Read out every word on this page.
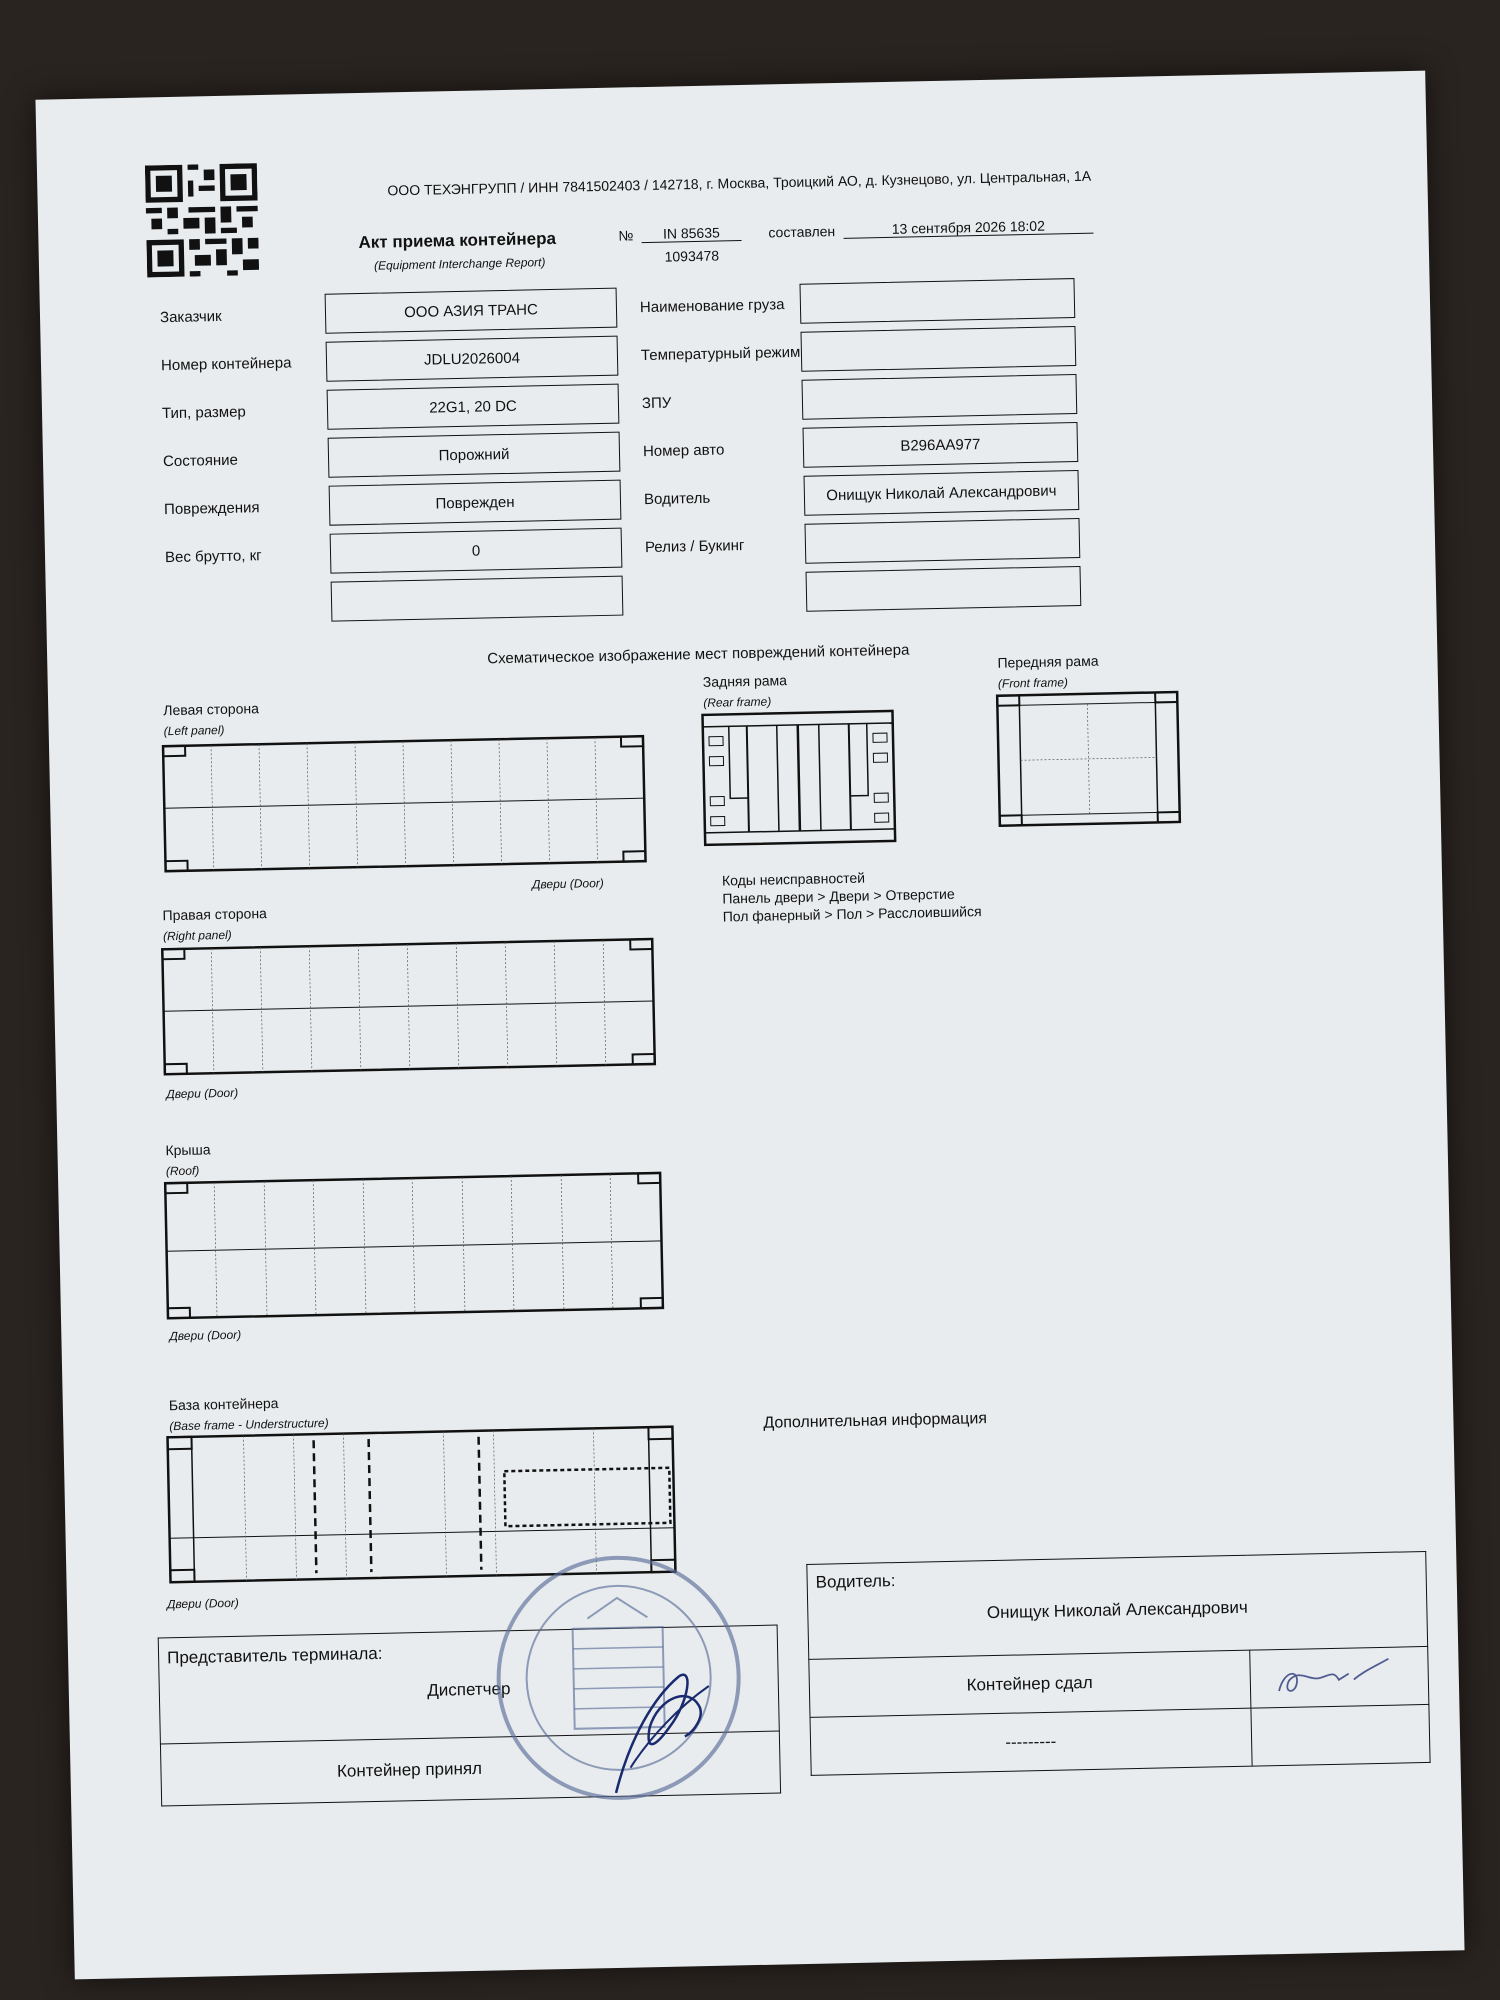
ООО ТЕХЭНГРУПП / ИНН 7841502403 / 142718, г. Москва, Троицкий АО, д. Кузнецово, ул. Центральная, 1А
Акт приема контейнера
(Equipment Interchange Report)
№	IN 85635
1093478
составлен	13 сентября 2026 18:02
Заказчик	ООО АЗИЯ ТРАНС
Номер контейнера	JDLU2026004
Тип, размер	22G1, 20 DC
Состояние	Порожний
Повреждения	Поврежден
Вес брутто, кг	0
Наименование груза
Температурный режим
ЗПУ
Номер авто	В296АА977
Водитель	Онищук Николай Александрович
Релиз / Букинг
Схематическое изображение мест повреждений контейнера
Левая сторона
(Left panel)
Двери (Door)
Правая сторона
(Right panel)
Двери (Door)
Крыша
(Roof)
Двери (Door)
База контейнера
(Base frame - Understructure)
Двери (Door)
Задняя рама
(Rear frame)
Передняя рама
(Front frame)
Коды неисправностей
Панель двери > Двери > Отверстие
Пол фанерный > Пол > Расслоившийся
Дополнительная информация
Представитель терминала:
Диспетчер

Контейнер принял
Водитель:
Онищук Николай Александрович	

Контейнер сдал	
---------	
